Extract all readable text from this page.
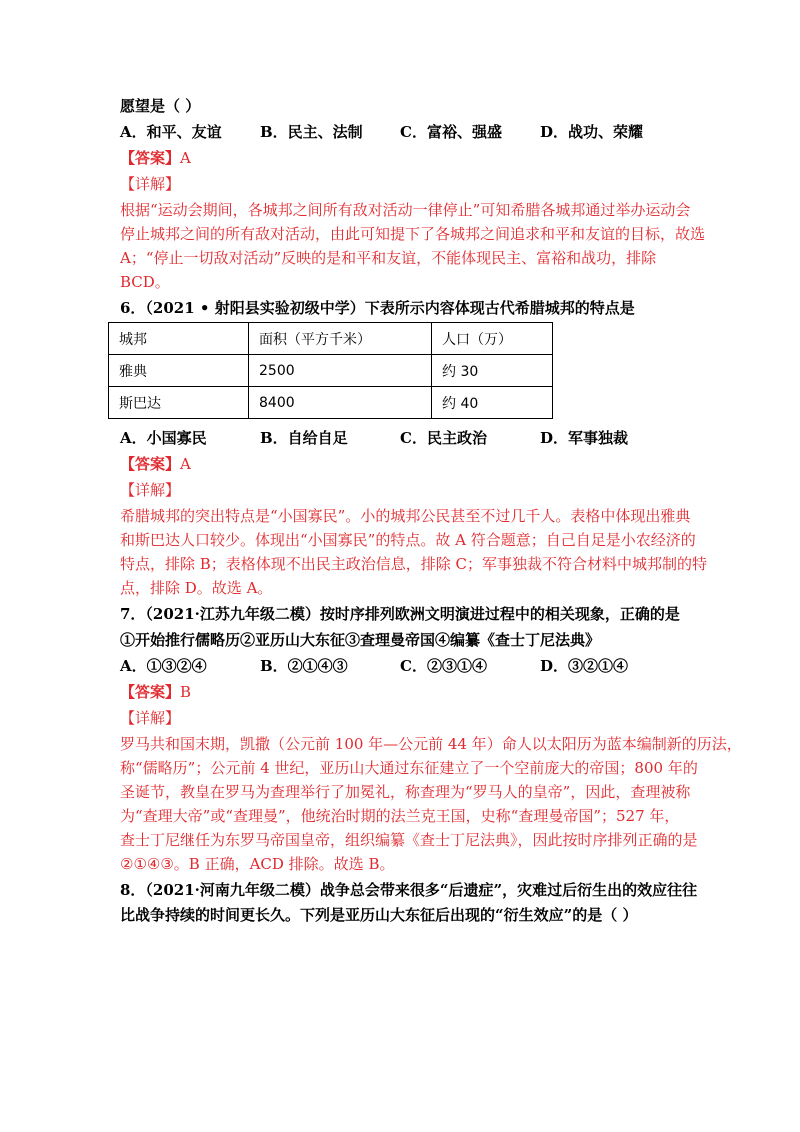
愿望是（ ）
A．和平、友谊	B．民主、法制 C．富裕、强盛	D．战功、荣耀
【答案】A
【详解】
根据“运动会期间，各城邦之间所有敌对活动一律停止”可知希腊各城邦通过举办运动会
停止城邦之间的所有敌对活动，由此可知提下了各城邦之间追求和平和友谊的目标，故选
A；“停止一切敌对活动”反映的是和平和友谊，不能体现民主、富裕和战功，排除
BCD。
6．（2021 • 射阳县实验初级中学）下表所示内容体现古代希腊城邦的特点是
城邦	面积（平方千米）	人口（万）
雅典	2500	约 30
斯巴达	8400	约 40
A．小国寡民	B．自给自足	C．民主政治	D．军事独裁
【答案】A
【详解】
希腊城邦的突出特点是“小国寡民”。小的城邦公民甚至不过几千人。表格中体现出雅典
和斯巴达人口较少。体现出“小国寡民”的特点。故 A 符合题意；自己自足是小农经济的
特点，排除 B；表格体现不出民主政治信息，排除 C；军事独裁不符合材料中城邦制的特
点，排除 D。故选 A。
7．（2021·江苏九年级二模）按时序排列欧洲文明演进过程中的相关现象，正确的是
①开始推行儒略历②亚历山大东征③查理曼帝国④编纂《查士丁尼法典》
A．①③②④	B．②①④③	C．②③①④	D．③②①④
【答案】B
【详解】
罗马共和国末期，凯撒（公元前 100 年—公元前 44 年）命人以太阳历为蓝本编制新的历法，
称“儒略历”；公元前 4 世纪，亚历山大通过东征建立了一个空前庞大的帝国；800 年的
圣诞节，教皇在罗马为查理举行了加冕礼，称查理为“罗马人的皇帝”，因此，查理被称
为“查理大帝”或“查理曼”，他统治时期的法兰克王国，史称“查理曼帝国”；527 年，
查士丁尼继任为东罗马帝国皇帝，组织编纂《查士丁尼法典》，因此按时序排列正确的是
②①④③。B 正确，ACD 排除。故选 B。
8．（2021·河南九年级二模）战争总会带来很多“后遗症”，灾难过后衍生出的效应往往
比战争持续的时间更长久。下列是亚历山大东征后出现的“衍生效应”的是（ ）
